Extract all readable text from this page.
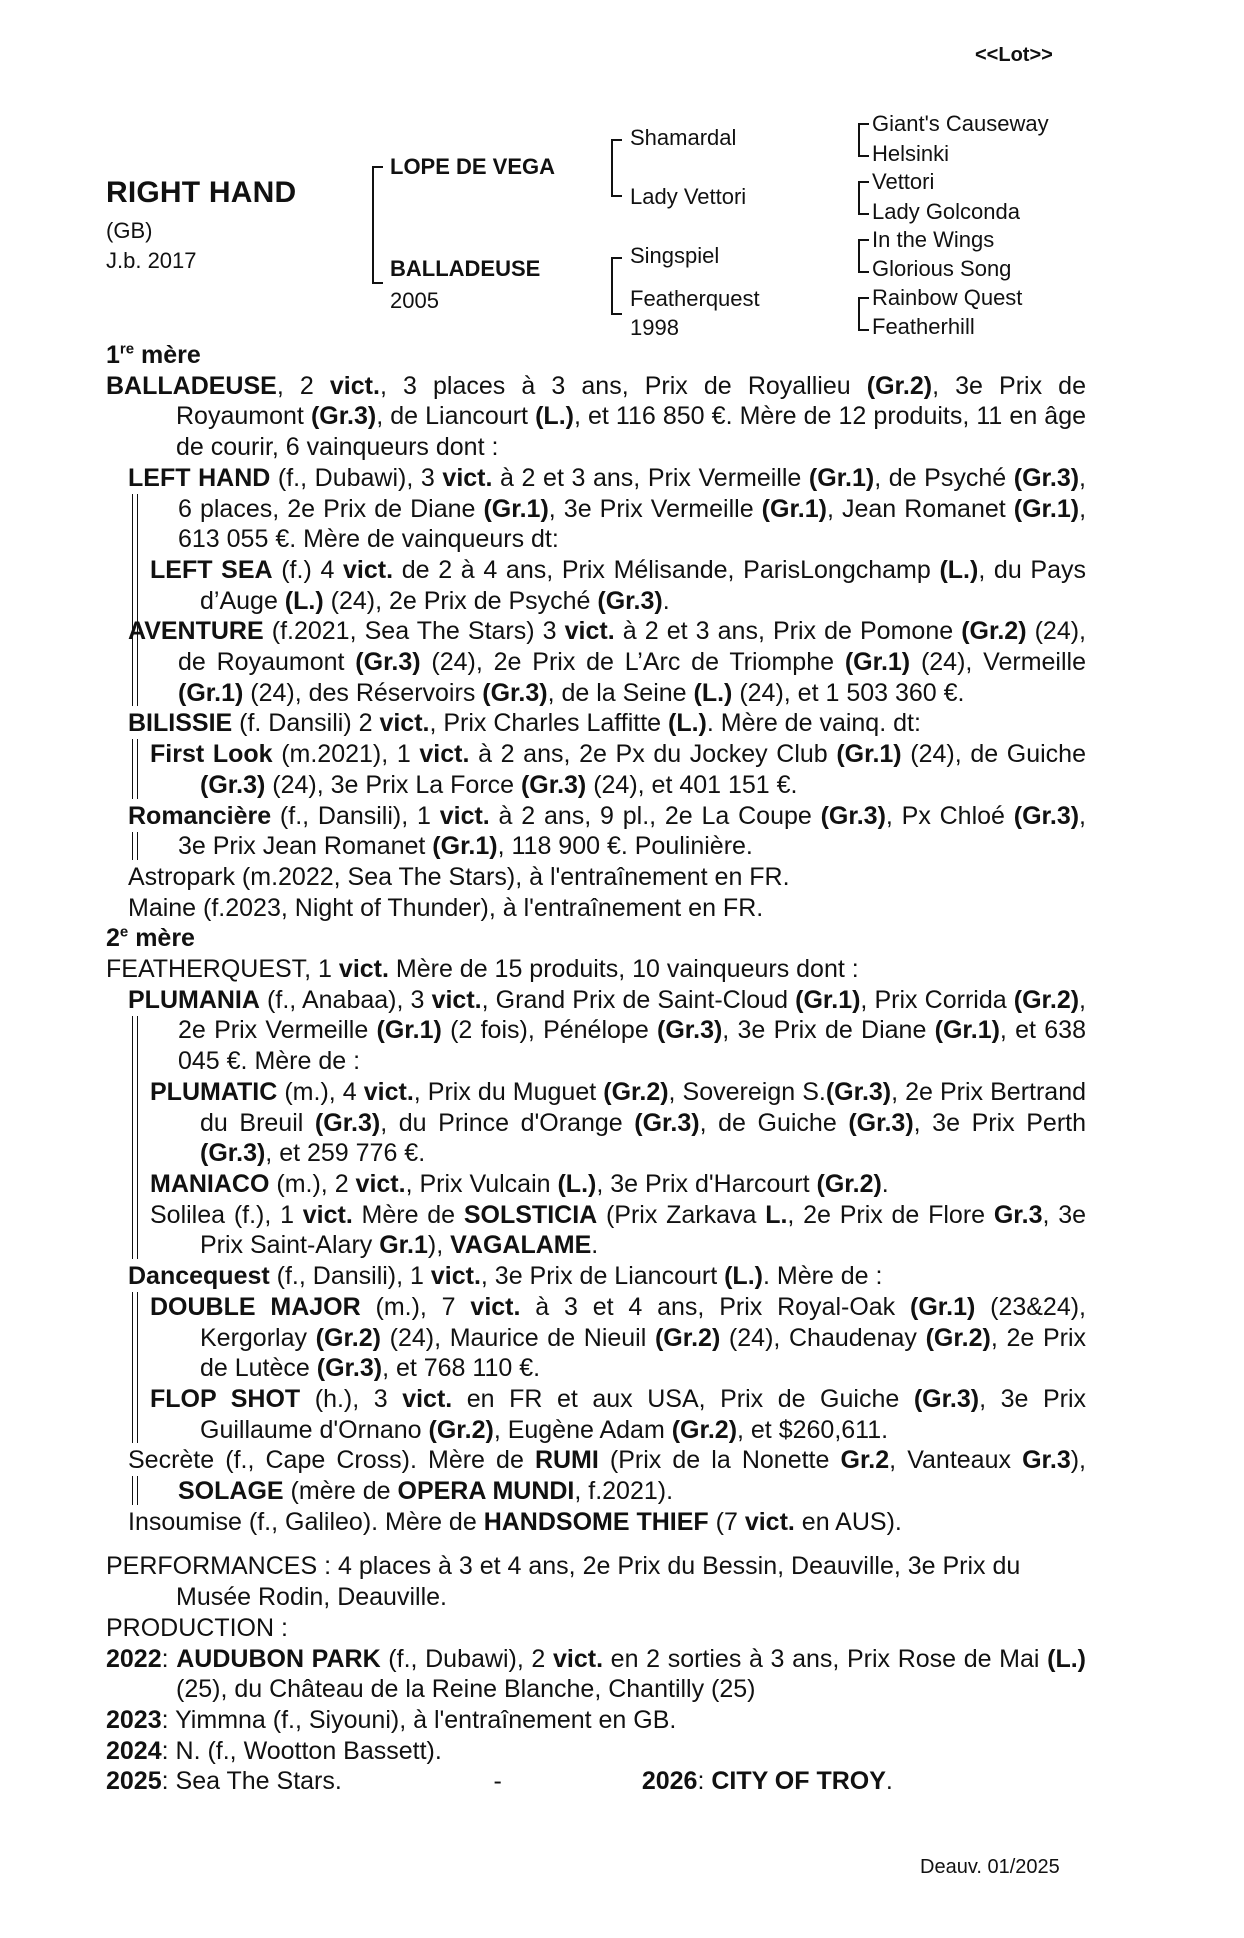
<<Lot>>
RIGHT HAND
(GB)
J.b. 2017
LOPE DE VEGA
BALLADEUSE
2005
Shamardal
Lady Vettori
Singspiel
Featherquest
1998
Giant's Causeway
Helsinki
Vettori
Lady Golconda
In the Wings
Glorious Song
Rainbow Quest
Featherhill

1re mère

BALLADEUSE, 2 vict., 3 places à 3 ans, Prix de Royallieu (Gr.2), 3e Prix de Royaumont (Gr.3), de Liancourt (L.), et 116 850 €. Mère de 12 produits, 11 en âge de courir, 6 vainqueurs dont :

LEFT HAND (f., Dubawi), 3 vict. à 2 et 3 ans, Prix Vermeille (Gr.1), de Psyché (Gr.3), 6 places, 2e Prix de Diane (Gr.1), 3e Prix Vermeille (Gr.1), Jean Romanet (Gr.1), 613 055 €. Mère de vainqueurs dt:
LEFT SEA (f.) 4 vict. de 2 à 4 ans, Prix Mélisande, ParisLongchamp (L.), du Pays d’Auge (L.) (24), 2e Prix de Psyché (Gr.3).
AVENTURE (f.2021, Sea The Stars) 3 vict. à 2 et 3 ans, Prix de Pomone (Gr.2) (24), de Royaumont (Gr.3) (24), 2e Prix de L’Arc de Triomphe (Gr.1) (24), Vermeille (Gr.1) (24), des Réservoirs (Gr.3), de la Seine (L.) (24), et 1 503 360 €.
BILISSIE (f. Dansili) 2 vict., Prix Charles Laffitte (L.). Mère de vainq. dt:
First Look (m.2021), 1 vict. à 2 ans, 2e Px du Jockey Club (Gr.1) (24), de Guiche (Gr.3) (24), 3e Prix La Force (Gr.3) (24), et 401 151 €.
Romancière (f., Dansili), 1 vict. à 2 ans, 9 pl., 2e La Coupe (Gr.3), Px Chloé (Gr.3), 3e Prix Jean Romanet (Gr.1), 118 900 €. Poulinière.
Astropark (m.2022, Sea The Stars), à l'entraînement en FR.
Maine (f.2023, Night of Thunder), à l'entraînement en FR.

2e mère

FEATHERQUEST, 1 vict. Mère de 15 produits, 10 vainqueurs dont :

PLUMANIA (f., Anabaa), 3 vict., Grand Prix de Saint-Cloud (Gr.1), Prix Corrida (Gr.2), 2e Prix Vermeille (Gr.1) (2 fois), Pénélope (Gr.3), 3e Prix de Diane (Gr.1), et 638 045 €. Mère de :
PLUMATIC (m.), 4 vict., Prix du Muguet (Gr.2), Sovereign S.(Gr.3), 2e Prix Bertrand du Breuil (Gr.3), du Prince d'Orange (Gr.3), de Guiche (Gr.3), 3e Prix Perth (Gr.3), et 259 776 €.
MANIACO (m.), 2 vict., Prix Vulcain (L.), 3e Prix d'Harcourt (Gr.2).
Solilea (f.), 1 vict. Mère de SOLSTICIA (Prix Zarkava L., 2e Prix de Flore Gr.3, 3e Prix Saint-Alary Gr.1), VAGALAME.
Dancequest (f., Dansili), 1 vict., 3e Prix de Liancourt (L.). Mère de :
DOUBLE MAJOR (m.), 7 vict. à 3 et 4 ans, Prix Royal-Oak (Gr.1) (23&24), Kergorlay (Gr.2) (24), Maurice de Nieuil (Gr.2) (24), Chaudenay (Gr.2), 2e Prix de Lutèce (Gr.3), et 768 110 €.
FLOP SHOT (h.), 3 vict. en FR et aux USA, Prix de Guiche (Gr.3), 3e Prix Guillaume d'Ornano (Gr.2), Eugène Adam (Gr.2), et $260,611.
Secrète (f., Cape Cross). Mère de RUMI (Prix de la Nonette Gr.2, Vanteaux Gr.3), SOLAGE (mère de OPERA MUNDI, f.2021).
Insoumise (f., Galileo). Mère de HANDSOME THIEF (7 vict. en AUS).

PERFORMANCES : 4 places à 3 et 4 ans, 2e Prix du Bessin, Deauville, 3e Prix du Musée Rodin, Deauville.

PRODUCTION :

2022: AUDUBON PARK (f., Dubawi), 2 vict. en 2 sorties à 3 ans, Prix Rose de Mai (L.)(25), du Château de la Reine Blanche, Chantilly (25)

2023: Yimmna (f., Siyouni), à l'entraînement en GB.

2024: N. (f., Wootton Bassett).

2025: Sea The Stars.	-	2026: CITY OF TROY.

Deauv. 01/2025
